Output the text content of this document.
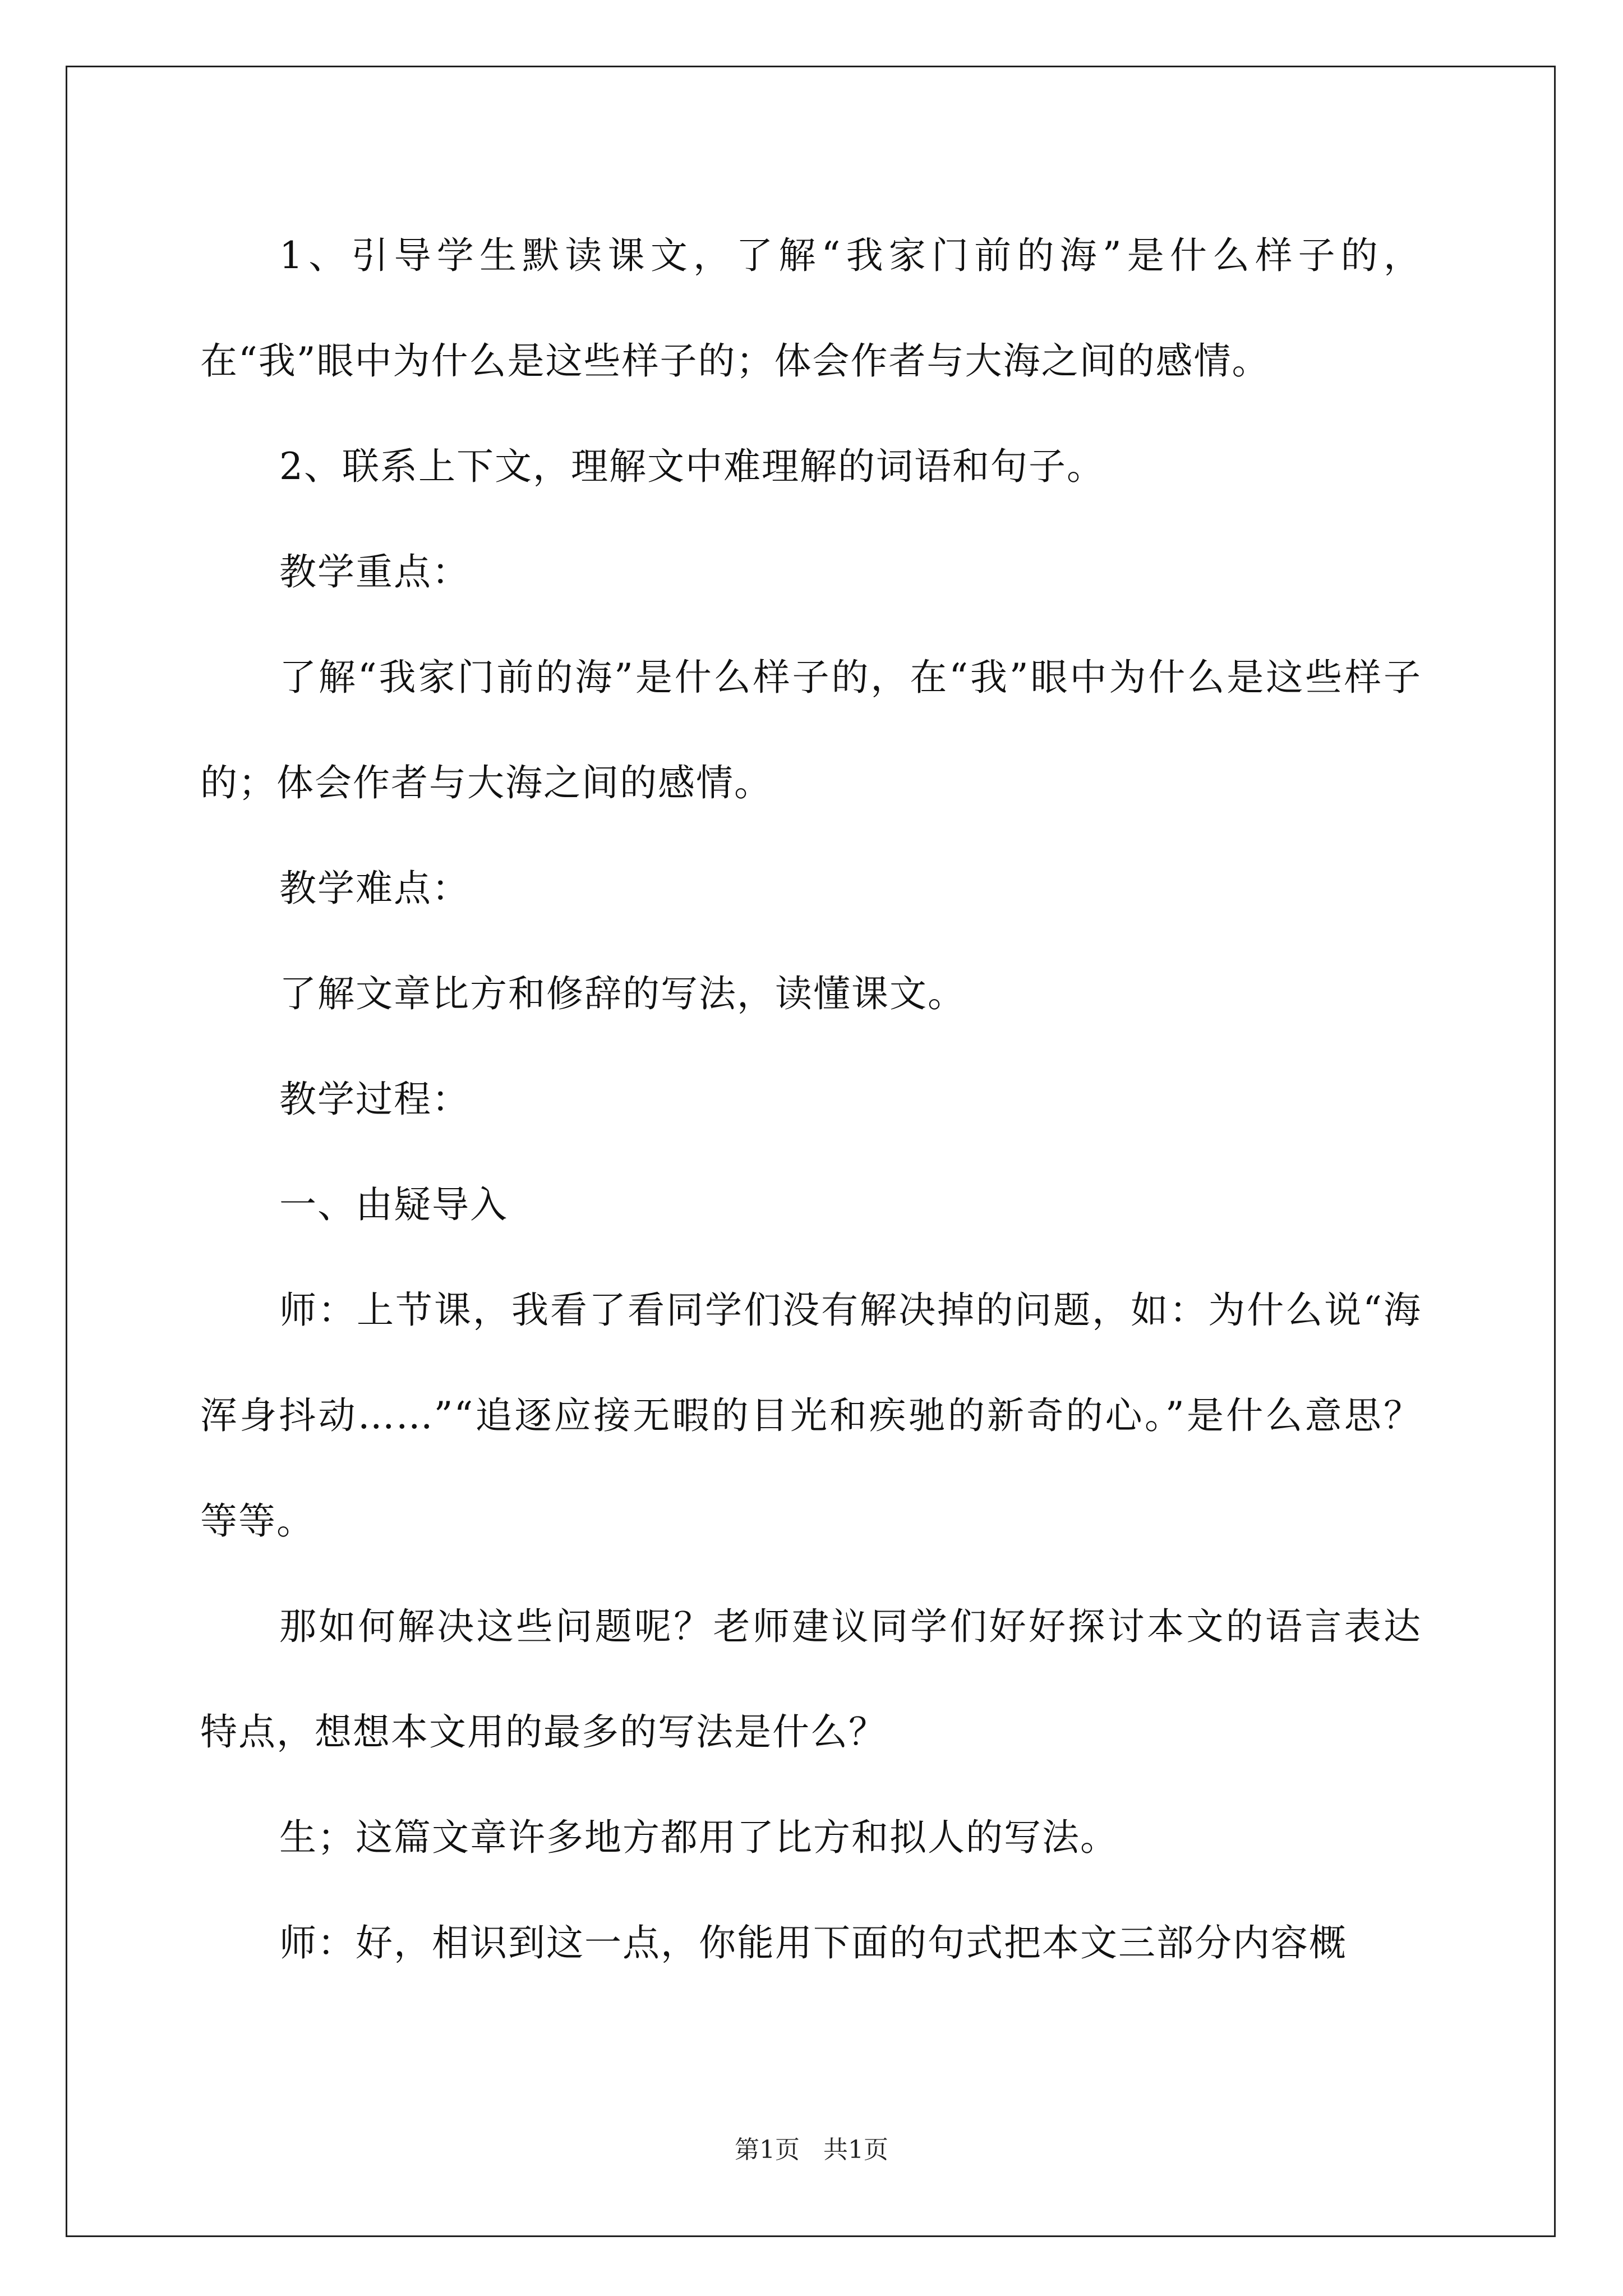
1、引导学生默读课文，了解“我家门前的海”是什么样子的，在“我”眼中为什么是这些样子的；体会作者与大海之间的感情。

2、联系上下文，理解文中难理解的词语和句子。

教学重点：

了解“我家门前的海”是什么样子的，在“我”眼中为什么是这些样子的；体会作者与大海之间的感情。

教学难点：

了解文章比方和修辞的写法，读懂课文。

教学过程：

一、由疑导入

师：上节课，我看了看同学们没有解决掉的问题，如：为什么说“海浑身抖动……”“追逐应接无暇的目光和疾驰的新奇的心。”是什么意思？等等。

那如何解决这些问题呢？老师建议同学们好好探讨本文的语言表达特点，想想本文用的最多的写法是什么？

生；这篇文章许多地方都用了比方和拟人的写法。

师：好，相识到这一点，你能用下面的句式把本文三部分内容概

第1页 共1页
